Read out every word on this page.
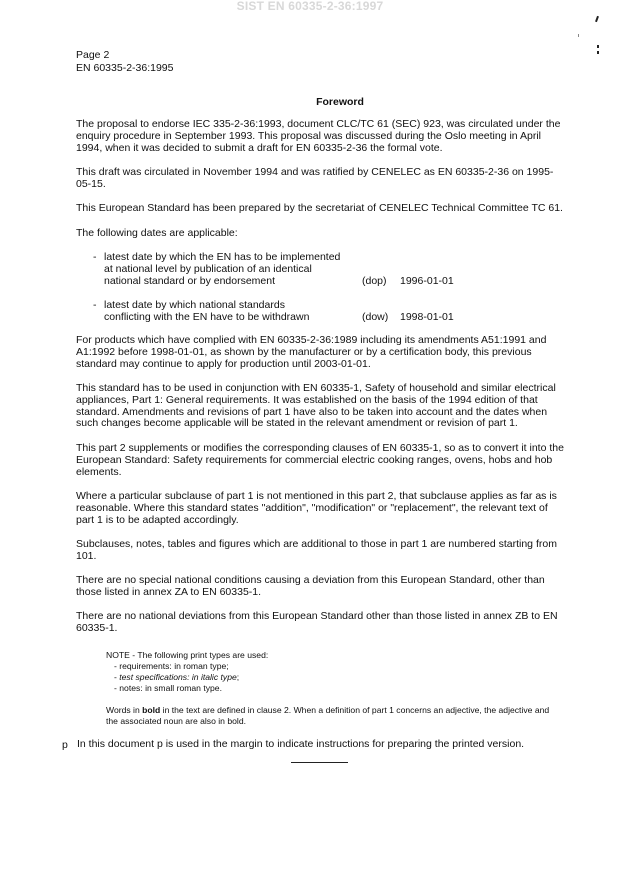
SIST EN 60335-2-36:1997
Page 2
EN 60335-2-36:1995
Foreword
The proposal to endorse IEC 335-2-36:1993, document CLC/TC 61 (SEC) 923, was circulated under the enquiry procedure in September 1993. This proposal was discussed during the Oslo meeting in April 1994, when it was decided to submit a draft for EN 60335-2-36 the formal vote.
This draft was circulated in November 1994 and was ratified by CENELEC as EN 60335-2-36 on 1995-05-15.
This European Standard has been prepared by the secretariat of CENELEC Technical Committee TC 61.
The following dates are applicable:
- latest date by which the EN has to be implemented
at national level by publication of an identical
national standard or by endorsement	(dop) 1996-01-01
- latest date by which national standards
conflicting with the EN have to be withdrawn	(dow) 1998-01-01
For products which have complied with EN 60335-2-36:1989 including its amendments A51:1991 and A1:1992 before 1998-01-01, as shown by the manufacturer or by a certification body, this previous standard may continue to apply for production until 2003-01-01.
This standard has to be used in conjunction with EN 60335-1, Safety of household and similar electrical appliances, Part 1: General requirements. It was established on the basis of the 1994 edition of that standard. Amendments and revisions of part 1 have also to be taken into account and the dates when such changes become applicable will be stated in the relevant amendment or revision of part 1.
This part 2 supplements or modifies the corresponding clauses of EN 60335-1, so as to convert it into the European Standard: Safety requirements for commercial electric cooking ranges, ovens, hobs and hob elements.
Where a particular subclause of part 1 is not mentioned in this part 2, that subclause applies as far as is reasonable. Where this standard states "addition", "modification" or "replacement", the relevant text of part 1 is to be adapted accordingly.
Subclauses, notes, tables and figures which are additional to those in part 1 are numbered starting from 101.
There are no special national conditions causing a deviation from this European Standard, other than those listed in annex ZA to EN 60335-1.
There are no national deviations from this European Standard other than those listed in annex ZB to EN 60335-1.
NOTE - The following print types are used:
- requirements: in roman type;
- test specifications: in italic type;
- notes: in small roman type.
Words in bold in the text are defined in clause 2. When a definition of part 1 concerns an adjective, the adjective and the associated noun are also in bold.
p In this document p is used in the margin to indicate instructions for preparing the printed version.
